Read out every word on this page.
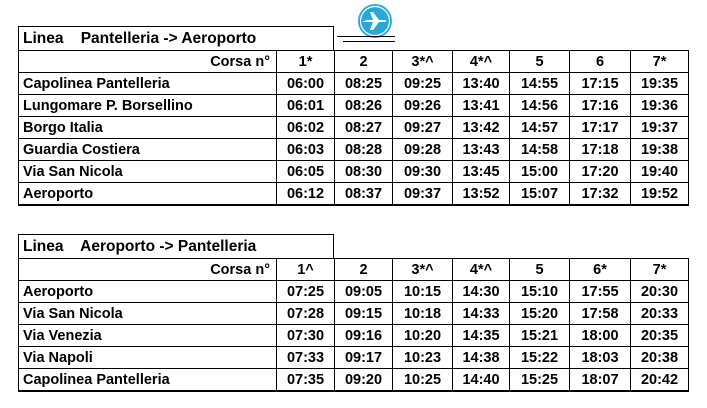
Linea    Pantelleria -> Aeroporto
Corsa n°	1*	2	3*^	4*^	5	6	7*
Capolinea Pantelleria	06:00	08:25	09:25	13:40	14:55	17:15	19:35
Lungomare P. Borsellino	06:01	08:26	09:26	13:41	14:56	17:16	19:36
Borgo Italia	06:02	08:27	09:27	13:42	14:57	17:17	19:37
Guardia Costiera	06:03	08:28	09:28	13:43	14:58	17:18	19:38
Via San Nicola	06:05	08:30	09:30	13:45	15:00	17:20	19:40
Aeroporto	06:12	08:37	09:37	13:52	15:07	17:32	19:52
Linea    Aeroporto -> Pantelleria
Corsa n°	1^	2	3*^	4*^	5	6*	7*
Aeroporto	07:25	09:05	10:15	14:30	15:10	17:55	20:30
Via San Nicola	07:28	09:15	10:18	14:33	15:20	17:58	20:33
Via Venezia	07:30	09:16	10:20	14:35	15:21	18:00	20:35
Via Napoli	07:33	09:17	10:23	14:38	15:22	18:03	20:38
Capolinea Pantelleria	07:35	09:20	10:25	14:40	15:25	18:07	20:42
